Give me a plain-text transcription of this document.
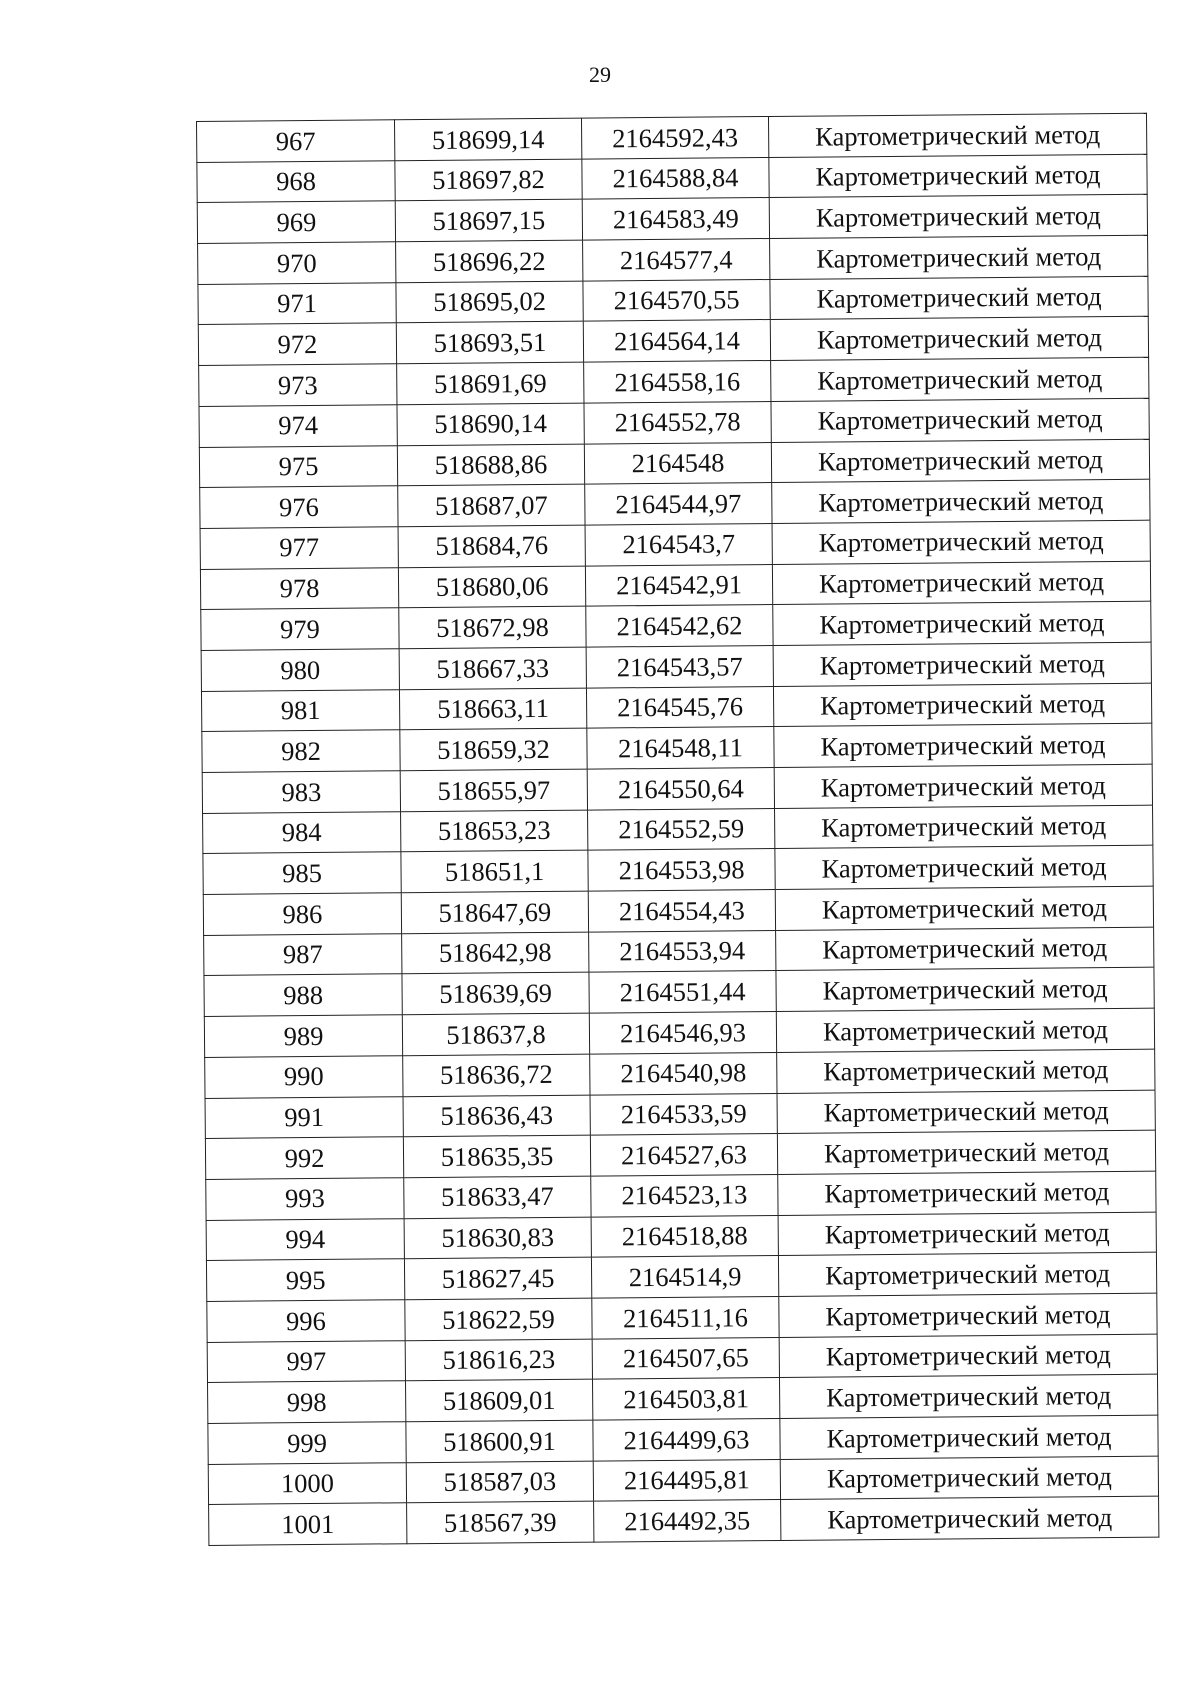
29
967	518699,14	2164592,43	Картометрический метод
968	518697,82	2164588,84	Картометрический метод
969	518697,15	2164583,49	Картометрический метод
970	518696,22	2164577,4	Картометрический метод
971	518695,02	2164570,55	Картометрический метод
972	518693,51	2164564,14	Картометрический метод
973	518691,69	2164558,16	Картометрический метод
974	518690,14	2164552,78	Картометрический метод
975	518688,86	2164548	Картометрический метод
976	518687,07	2164544,97	Картометрический метод
977	518684,76	2164543,7	Картометрический метод
978	518680,06	2164542,91	Картометрический метод
979	518672,98	2164542,62	Картометрический метод
980	518667,33	2164543,57	Картометрический метод
981	518663,11	2164545,76	Картометрический метод
982	518659,32	2164548,11	Картометрический метод
983	518655,97	2164550,64	Картометрический метод
984	518653,23	2164552,59	Картометрический метод
985	518651,1	2164553,98	Картометрический метод
986	518647,69	2164554,43	Картометрический метод
987	518642,98	2164553,94	Картометрический метод
988	518639,69	2164551,44	Картометрический метод
989	518637,8	2164546,93	Картометрический метод
990	518636,72	2164540,98	Картометрический метод
991	518636,43	2164533,59	Картометрический метод
992	518635,35	2164527,63	Картометрический метод
993	518633,47	2164523,13	Картометрический метод
994	518630,83	2164518,88	Картометрический метод
995	518627,45	2164514,9	Картометрический метод
996	518622,59	2164511,16	Картометрический метод
997	518616,23	2164507,65	Картометрический метод
998	518609,01	2164503,81	Картометрический метод
999	518600,91	2164499,63	Картометрический метод
1000	518587,03	2164495,81	Картометрический метод
1001	518567,39	2164492,35	Картометрический метод
